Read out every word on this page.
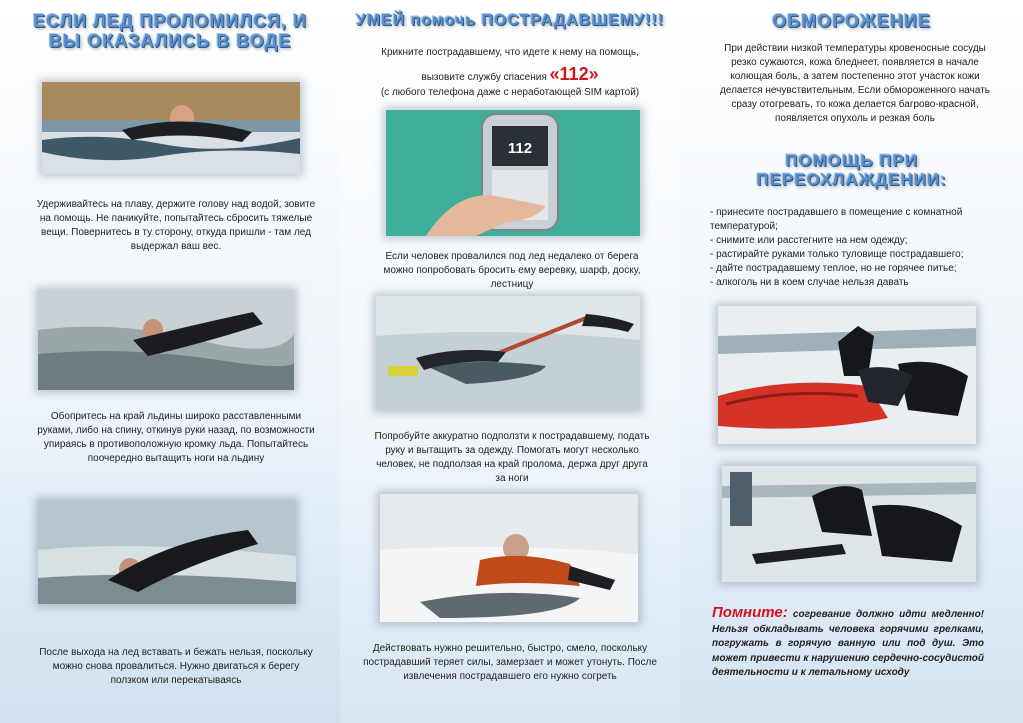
ЕСЛИ ЛЕД ПРОЛОМИЛСЯ, И ВЫ ОКАЗАЛИСЬ В ВОДЕ
Удерживайтесь на плаву, держите голову над водой, зовите на помощь. Не паникуйте, попытайтесь сбросить тяжелые вещи. Повернитесь в ту сторону, откуда пришли - там лед выдержал ваш вес.
Обопритесь на край льдины широко расставленными руками, либо на спину, откинув руки назад, по возможности упираясь в противоположную кромку льда. Попытайтесь поочередно вытащить ноги на льдину
После выхода на лед вставать и бежать нельзя, поскольку можно снова провалиться. Нужно двигаться к берегу ползком или перекатываясь
УМЕЙ помочь ПОСТРАДАВШЕМУ!!!
Крикните пострадавшему, что идете к нему на помощь,
вызовите службу спасения «112»
(с любого телефона даже с неработающей SIM картой)
112
Если человек провалился под лед недалеко от берега можно попробовать бросить ему веревку, шарф, доску, лестницу
Попробуйте аккуратно подползти к пострадавшему, подать руку и вытащить за одежду. Помогать могут несколько человек, не подползая на край пролома, держа друг друга за ноги
Действовать нужно решительно, быстро, смело, поскольку пострадавший теряет силы, замерзает и может утонуть. После извлечения пострадавшего его нужно согреть
ОБМОРОЖЕНИЕ
При действии низкой температуры кровеносные сосуды резко сужаются, кожа бледнеет, появляется в начале колющая боль, а затем постепенно этот участок кожи делается нечувствительным. Если обмороженного начать сразу отогревать, то кожа делается багрово-красной, появляется опухоль и резкая боль
ПОМОЩЬ ПРИ ПЕРЕОХЛАЖДЕНИИ:
- принесите пострадавшего в помещение с комнатной температурой;
- снимите или расстегните на нем одежду;
- растирайте руками только туловище пострадавшего;
- дайте пострадавшему теплое, но не горячее питье;
- алкоголь ни в коем случае нельзя давать
Помните: согревание должно идти медленно! Нельзя обкладывать человека горячими грелками, погружать в горячую ванную или под душ. Это может привести к нарушению сердечно-сосудистой деятельности и к летальному исходу
